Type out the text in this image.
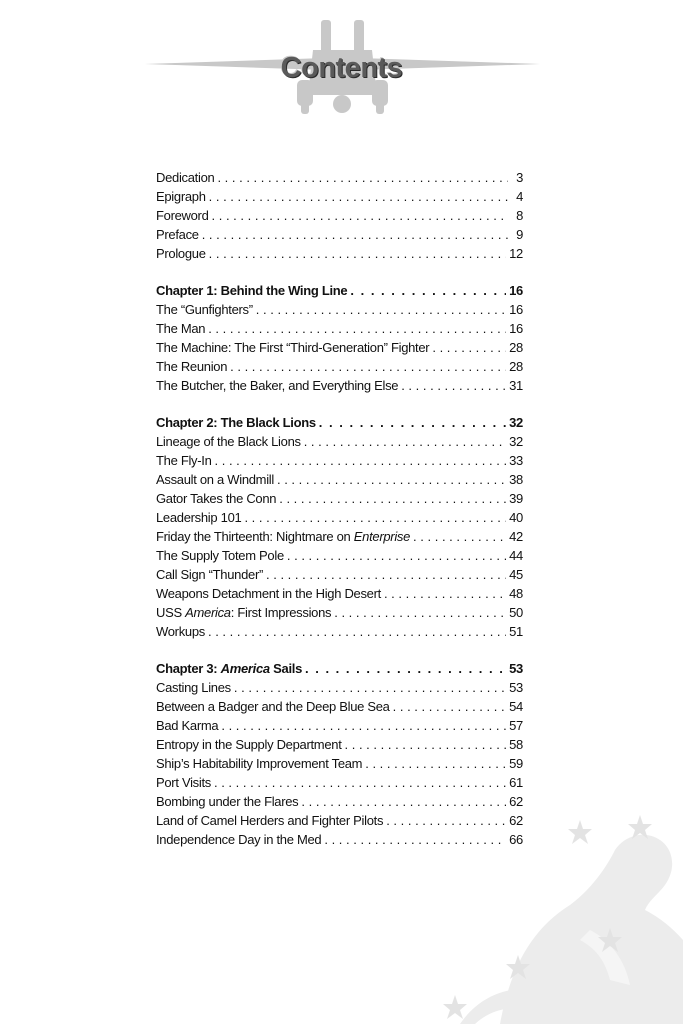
Contents
Dedication . . .	3
Epigraph . . .	4
Foreword . . .	8
Preface . . .	9
Prologue . . .	12
Chapter 1: Behind the Wing Line . . .	16
The “Gunfighters” . . .	16
The Man . . .	16
The Machine: The First “Third-Generation” Fighter . . .	28
The Reunion . . .	28
The Butcher, the Baker, and Everything Else . . .	31
Chapter 2: The Black Lions . . .	32
Lineage of the Black Lions . . .	32
The Fly-In . . .	33
Assault on a Windmill . . .	38
Gator Takes the Conn . . .	39
Leadership 101 . . .	40
Friday the Thirteenth: Nightmare on Enterprise . . .	42
The Supply Totem Pole . . .	44
Call Sign “Thunder” . . .	45
Weapons Detachment in the High Desert . . .	48
USS America: First Impressions . . .	50
Workups . . .	51
Chapter 3: America Sails . . .	53
Casting Lines . . .	53
Between a Badger and the Deep Blue Sea . . .	54
Bad Karma . . .	57
Entropy in the Supply Department . . .	58
Ship’s Habitability Improvement Team . . .	59
Port Visits . . .	61
Bombing under the Flares . . .	62
Land of Camel Herders and Fighter Pilots . . .	62
Independence Day in the Med . . .	66
